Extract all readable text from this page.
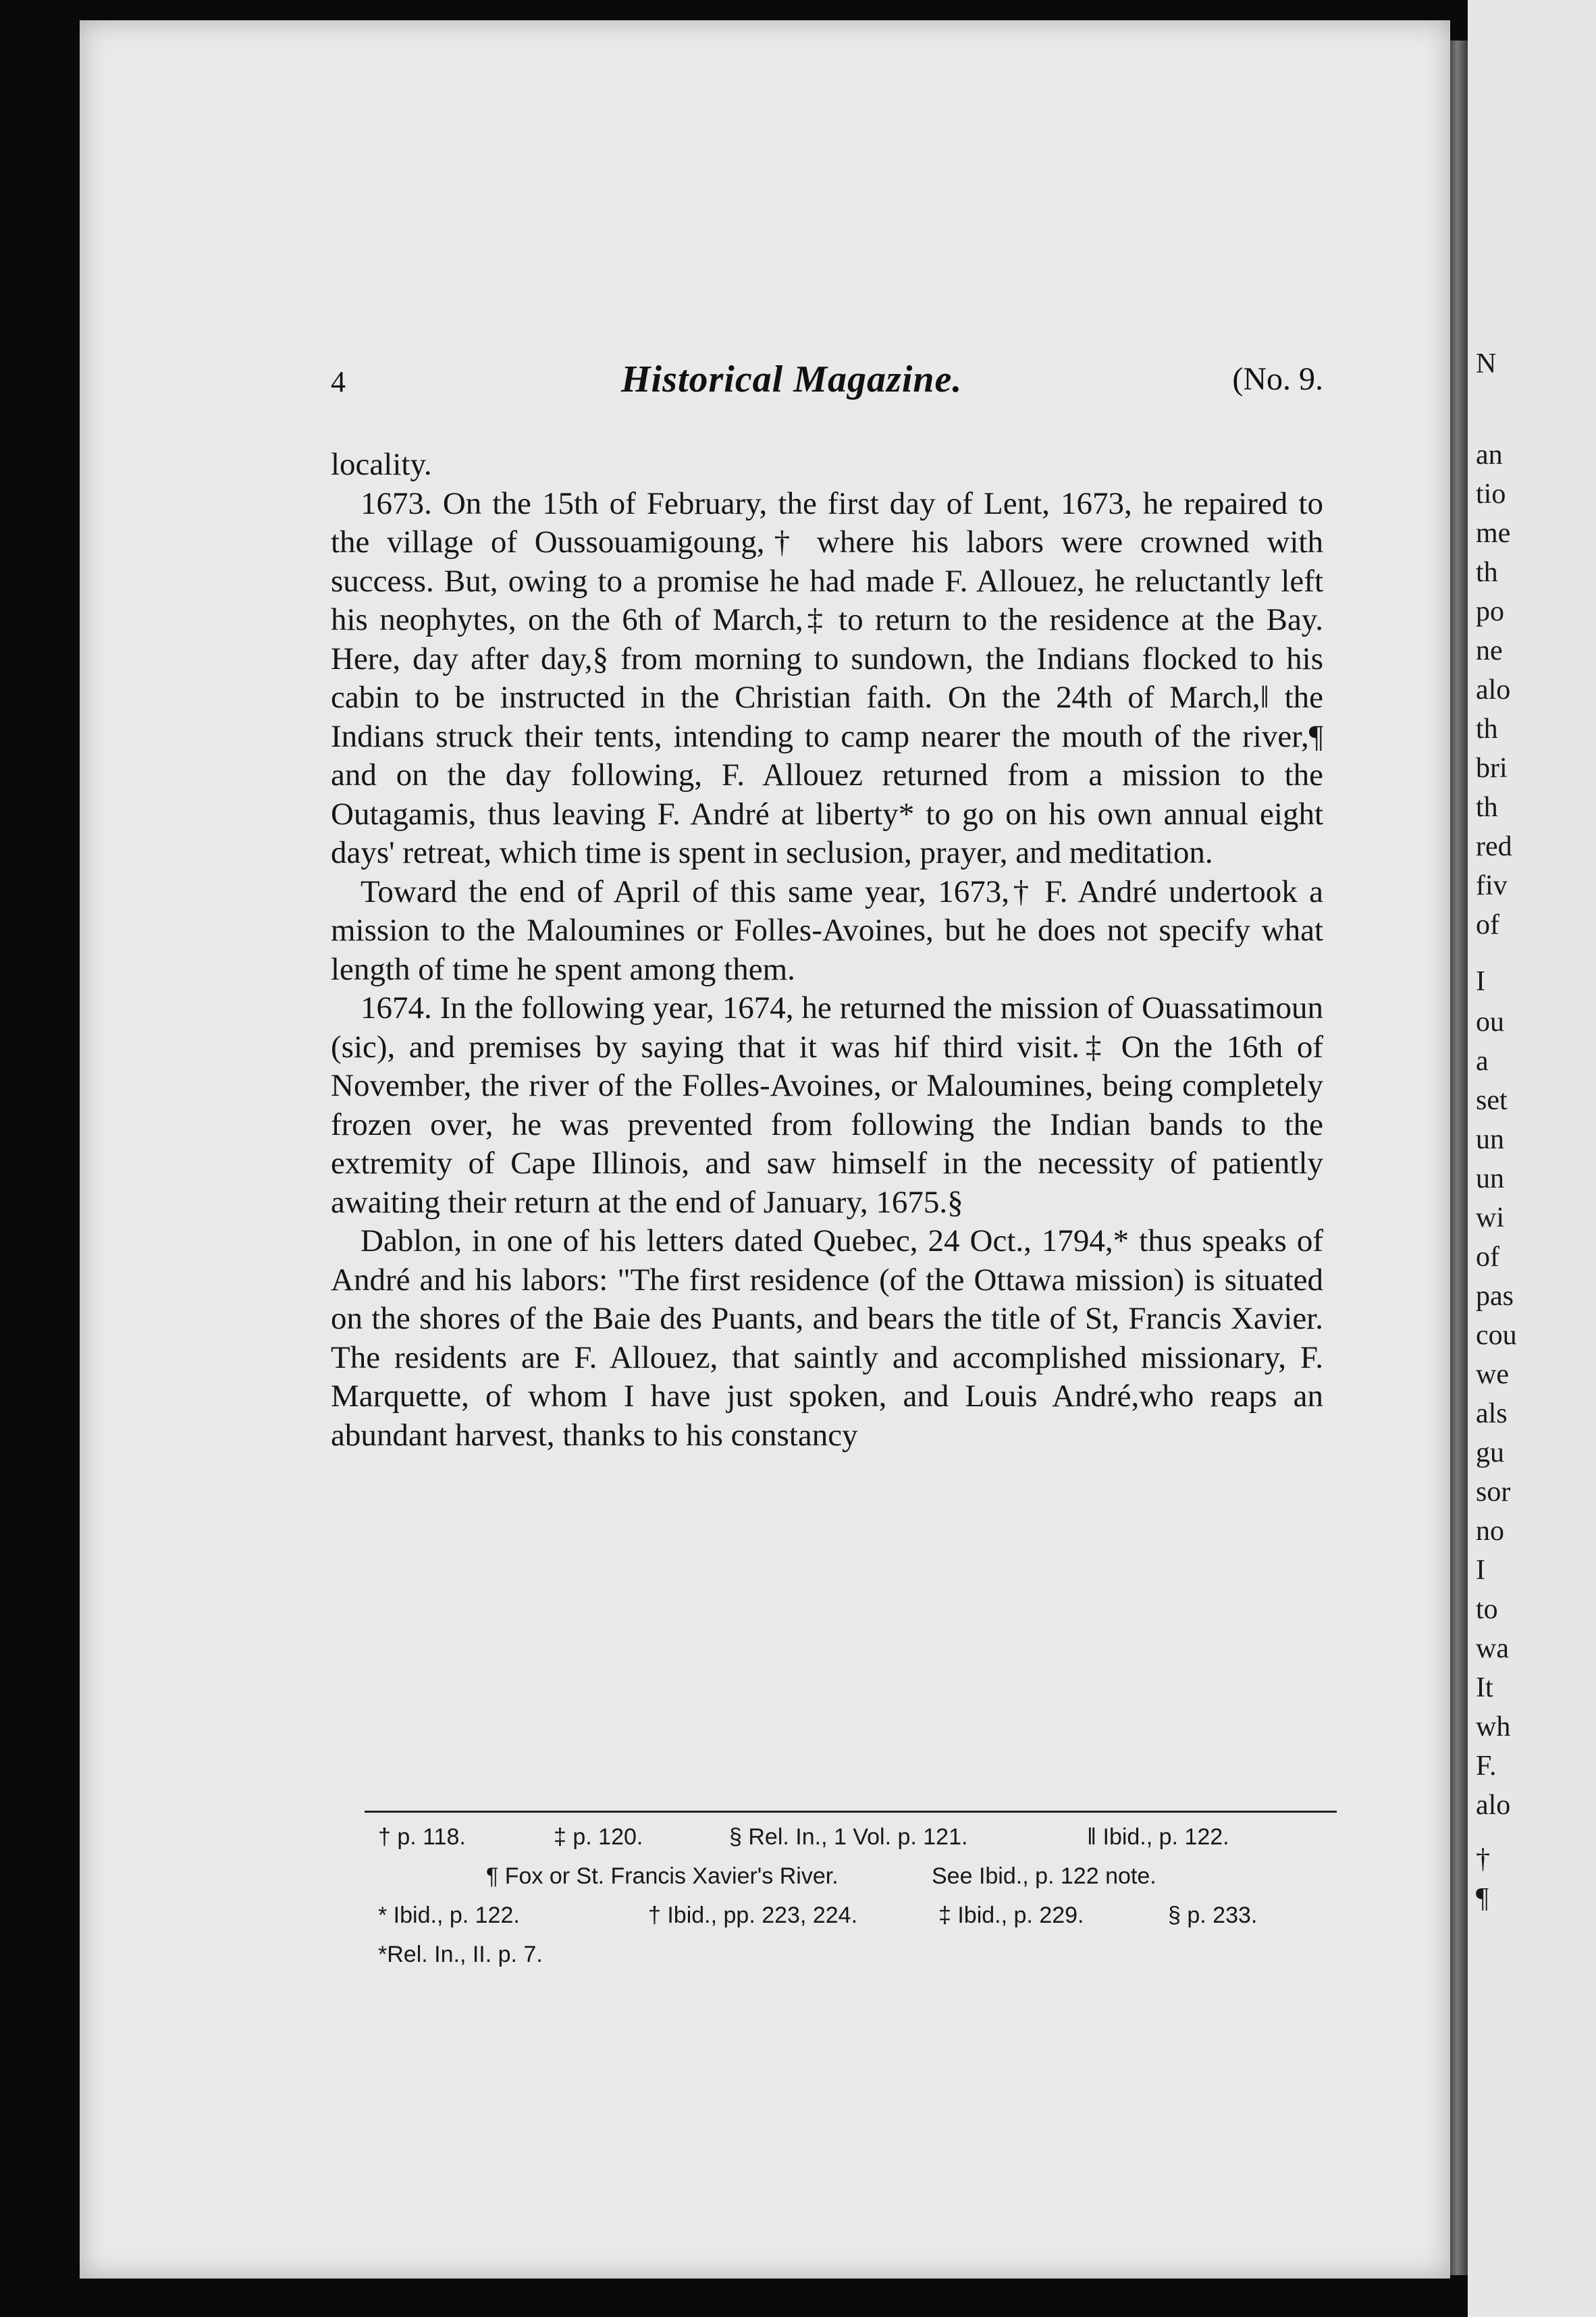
N
an
tio
me
th
po
ne
alo
th
bri
th
red
fiv
of
I
ou
a
set
un
un
wi
of
pas
cou
we
als
gu
sor
no
I
to
wa
It
wh
F.
alo
†
¶
4	Historical Magazine.	(No. 9.

locality.

1673. On the 15th of February, the first day of Lent, 1673, he repaired to the village of Oussouamigoung,† where his labors were crowned with success. But, owing to a promise he had made F. Allouez, he reluctantly left his neophytes, on the 6th of March,‡ to return to the residence at the Bay. Here, day after day,§ from morning to sundown, the Indians flocked to his cabin to be instructed in the Christian faith. On the 24th of March,‖ the Indians struck their tents, intending to camp nearer the mouth of the river,¶ and on the day following, F. Allouez returned from a mission to the Outagamis, thus leaving F. André at liberty* to go on his own annual eight days' retreat, which time is spent in seclusion, prayer, and meditation.

Toward the end of April of this same year, 1673,† F. André undertook a mission to the Maloumines or Folles-Avoines, but he does not specify what length of time he spent among them.

1674. In the following year, 1674, he returned the mission of Ouassatimoun (sic), and premises by saying that it was hif third visit.‡ On the 16th of November, the river of the Folles-Avoines, or Maloumines, being completely frozen over, he was prevented from following the Indian bands to the extremity of Cape Illinois, and saw himself in the necessity of patiently awaiting their return at the end of January, 1675.§

Dablon, in one of his letters dated Quebec, 24 Oct., 1794,* thus speaks of André and his labors: "The first residence (of the Ottawa mission) is situated on the shores of the Baie des Puants, and bears the title of St, Francis Xavier. The residents are F. Allouez, that saintly and accomplished missionary, F. Marquette, of whom I have just spoken, and Louis André,who reaps an abundant harvest, thanks to his constancy

† p. 118.	‡ p. 120.	§ Rel. In., 1 Vol. p. 121.	‖ Ibid., p. 122.
¶ Fox or St. Francis Xavier's River.	See Ibid., p. 122 note.
* Ibid., p. 122.	† Ibid., pp. 223, 224.	‡ Ibid., p. 229.	§ p. 233.
*Rel. In., II. p. 7.
